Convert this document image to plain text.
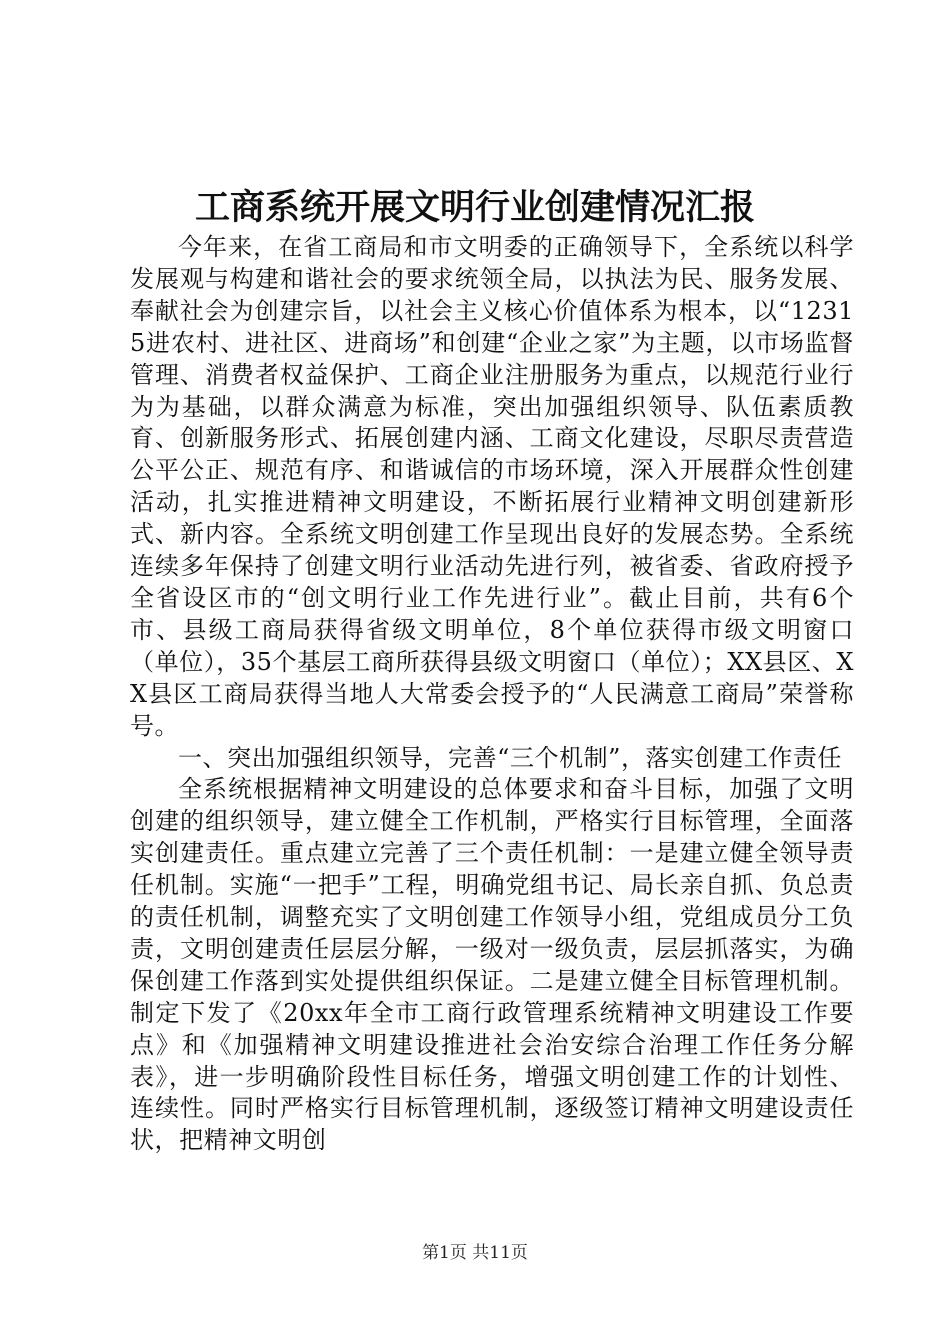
工商系统开展文明行业创建情况汇报

今年来，在省工商局和市文明委的正确领导下，全系统以科学发展观与构建和谐社会的要求统领全局，以执法为民、服务发展、奉献社会为创建宗旨，以社会主义核心价值体系为根本，以“12315进农村、进社区、进商场”和创建“企业之家”为主题，以市场监督管理、消费者权益保护、工商企业注册服务为重点，以规范行业行为为基础，以群众满意为标准，突出加强组织领导、队伍素质教育、创新服务形式、拓展创建内涵、工商文化建设，尽职尽责营造公平公正、规范有序、和谐诚信的市场环境，深入开展群众性创建活动，扎实推进精神文明建设，不断拓展行业精神文明创建新形式、新内容。全系统文明创建工作呈现出良好的发展态势。全系统连续多年保持了创建文明行业活动先进行列，被省委、省政府授予全省设区市的“创文明行业工作先进行业”。截止目前，共有6个市、县级工商局获得省级文明单位，8个单位获得市级文明窗口（单位），35个基层工商所获得县级文明窗口（单位）；XX县区、XX县区工商局获得当地人大常委会授予的“人民满意工商局”荣誉称号。

一、突出加强组织领导，完善“三个机制”，落实创建工作责任

全系统根据精神文明建设的总体要求和奋斗目标，加强了文明创建的组织领导，建立健全工作机制，严格实行目标管理，全面落实创建责任。重点建立完善了三个责任机制：一是建立健全领导责任机制。实施“一把手”工程，明确党组书记、局长亲自抓、负总责的责任机制，调整充实了文明创建工作领导小组，党组成员分工负责，文明创建责任层层分解，一级对一级负责，层层抓落实，为确保创建工作落到实处提供组织保证。二是建立健全目标管理机制。制定下发了《20xx年全市工商行政管理系统精神文明建设工作要点》和《加强精神文明建设推进社会治安综合治理工作任务分解表》，进一步明确阶段性目标任务，增强文明创建工作的计划性、连续性。同时严格实行目标管理机制，逐级签订精神文明建设责任状，把精神文明创

第1页 共11页
